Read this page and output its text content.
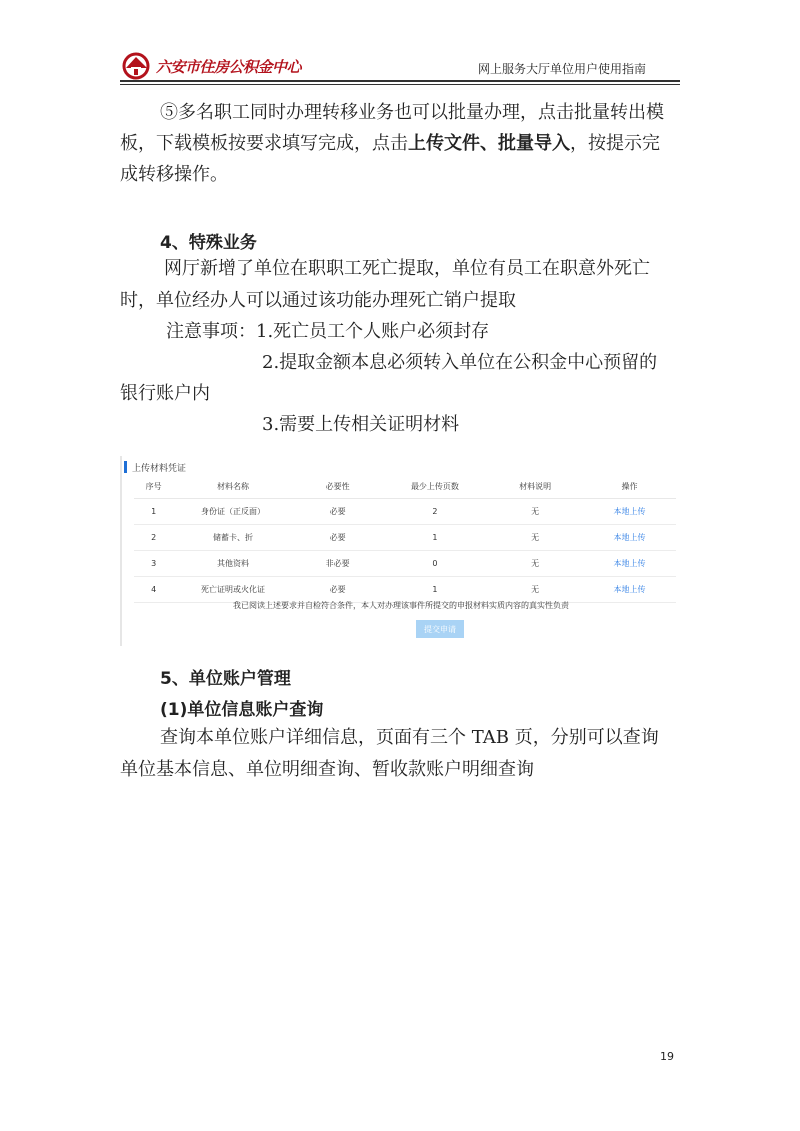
六安市住房公积金中心	网上服务大厅单位用户使用指南
⑤多名职工同时办理转移业务也可以批量办理，点击批量转出模
板，下载模板按要求填写完成，点击上传文件、批量导入，按提示完
成转移操作。
4、特殊业务
网厅新增了单位在职职工死亡提取，单位有员工在职意外死亡
时，单位经办人可以通过该功能办理死亡销户提取
注意事项：1.死亡员工个人账户必须封存
2.提取金额本息必须转入单位在公积金中心预留的
银行账户内
3.需要上传相关证明材料
上传材料凭证
序号	材料名称	必要性	最少上传页数	材料说明	操作
1	身份证（正反面）	必要	2	无	本地上传
2	储蓄卡、折	必要	1	无	本地上传
3	其他资料	非必要	0	无	本地上传
4	死亡证明或火化证	必要	1	无	本地上传
我已阅读上述要求并自检符合条件，本人对办理该事件所提交的申报材料实质内容的真实性负责
提交申请
5、单位账户管理
(1)单位信息账户查询
查询本单位账户详细信息，页面有三个 TAB 页，分别可以查询
单位基本信息、单位明细查询、暂收款账户明细查询
19
